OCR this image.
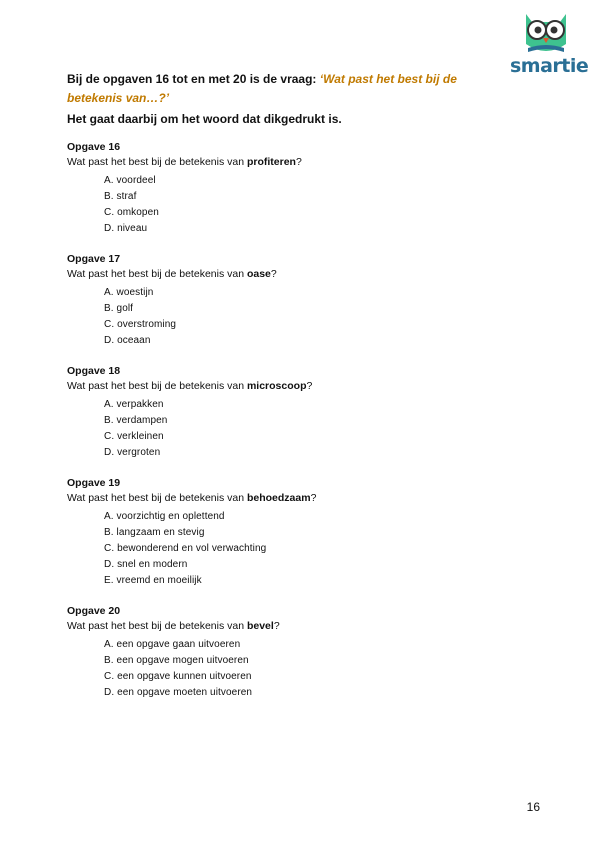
smartie

Bij de opgaven 16 tot en met 20 is de vraag: ‘Wat past het best bij de betekenis van…?’

Het gaat daarbij om het woord dat dikgedrukt is.

Opgave 16

Wat past het best bij de betekenis van profiteren?

A. voordeel
B. straf
C. omkopen
D. niveau

Opgave 17

Wat past het best bij de betekenis van oase?

A. woestijn
B. golf
C. overstroming
D. oceaan

Opgave 18

Wat past het best bij de betekenis van microscoop?

A. verpakken
B. verdampen
C. verkleinen
D. vergroten

Opgave 19

Wat past het best bij de betekenis van behoedzaam?

A. voorzichtig en oplettend
B. langzaam en stevig
C. bewonderend en vol verwachting
D. snel en modern
E. vreemd en moeilijk

Opgave 20

Wat past het best bij de betekenis van bevel?

A. een opgave gaan uitvoeren
B. een opgave mogen uitvoeren
C. een opgave kunnen uitvoeren
D. een opgave moeten uitvoeren
16
